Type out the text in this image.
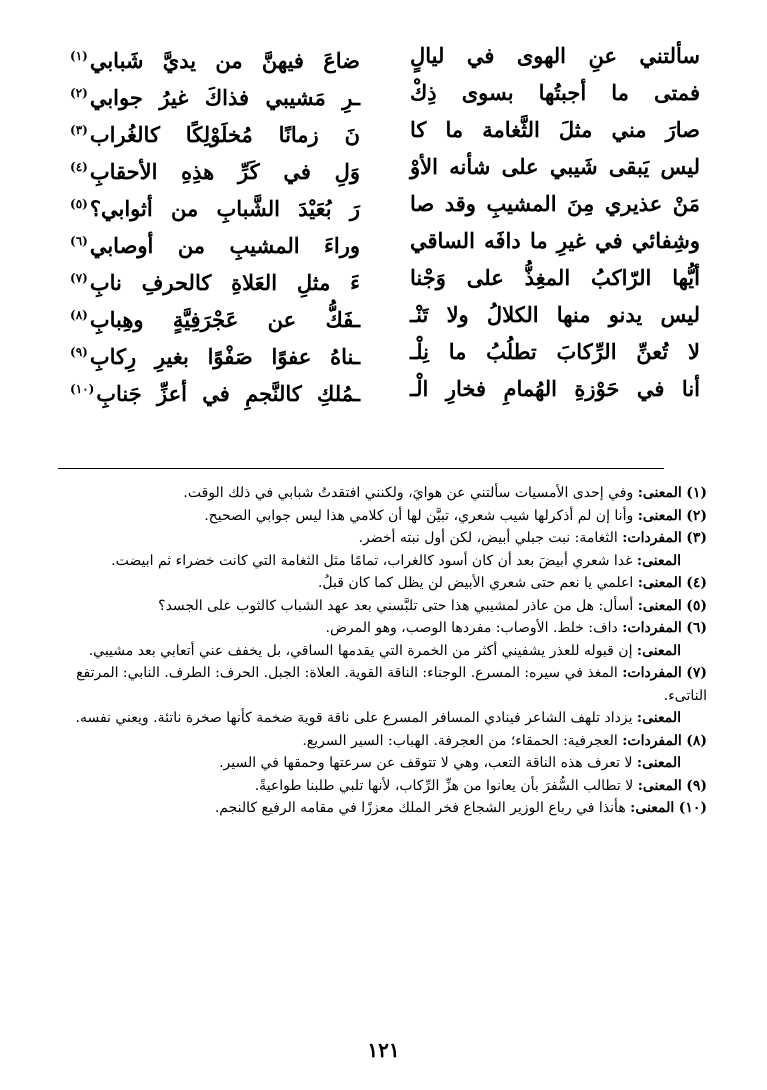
سألتني عنِ الهوى في ليالٍ
ضاعَ فيهنَّ من يديَّ شَبابي$^{(١)}$
فمتى ما أجبتُها بسوى ذِكْ
ـرِ مَشيبي فذاكَ غيرُ جوابي$^{(٢)}$
صارَ مني مثلَ الثَّغامة ما كا
نَ زمانًا مُخلَوْلِكًا كالغُراب$^{(٣)}$
ليس يَبقى شَيبي على شأنه الأوْ
وَلِ في كَرِّ هذِهِ الأحقابِ$^{(٤)}$
مَنْ عذيري مِنَ المشيبِ وقد صا
رَ بُعَيْدَ الشَّبابِ من أثوابي؟$^{(٥)}$
وشِفائي في غيرِ ما دافَه الساقي
وراءَ المشيبِ من أوصابي$^{(٦)}$
أيُّها الرّاكبُ المغِذُّ على وَجْنا
ءَ مثلِ العَلاةِ كالحرفِ نابِ$^{(٧)}$
ليس يدنو منها الكلالُ ولا تَنْـ
ـفَكُّ عن عَجْرَفِيَّةٍ وهِبابِ$^{(٨)}$
لا تُعنِّ الرِّكابَ تطلُبُ ما نِلْـ
ـناهُ عفوًا صَفْوًا بغيرِ رِكابِ$^{(٩)}$
أنا في حَوْزةِ الهُمامِ فخارِ الْـ
ـمُلكِ كالنَّجمِ في أعزِّ جَنابِ$^{(١٠)}$
(١) المعنى: وفي إحدى الأمسيات سألتني عن هوايَ، ولكنني افتقدتُ شبابي في ذلك الوقت.
(٢) المعنى: وأنا إن لم أذكرلها شيب شعري، تبيَّن لها أن كلامي هذا ليس جوابي الصحيح.
(٣) المفردات: الثغامة: نبت جبلي أبيض، لكن أول نبته أخضر.
المعنى: غدا شعري أبيضَ بعد أن كان أسود كالغراب، تمامًا مثل الثغامة التي كانت خضراء ثم ابيضت.
(٤) المعنى: اعلمي يا نعم حتى شعري الأبيض لن يظل كما كان قبلُ.
(٥) المعنى: أسأل: هل من عاذر لمشيبي هذا حتى تلبَّسني بعد عهد الشباب كالثوب على الجسد؟
(٦) المفردات: داف: خلط. الأوصاب: مفردها الوصب، وهو المرض.
المعنى: إن قبوله للعذر يشفيني أكثر من الخمرة التي يقدمها الساقي، بل يخفف عني أتعابي بعد مشيبي.
(٧) المفردات: المغذ في سيره: المسرع. الوجناء: الناقة القوية. العلاة: الجبل. الحرف: الطرف. النابي: المرتفع الناتىء.
المعنى: يزداد تلهف الشاعر فينادي المسافر المسرع على ناقة قوية ضخمة كأنها صخرة ناتئة. ويعني نفسه.
(٨) المفردات: العجرفية: الحمقاء؛ من العجرفة. الهباب: السير السريع.
المعنى: لا تعرف هذه الناقة التعب، وهي لا تتوقف عن سرعتها وحمقها في السير.
(٩) المعنى: لا تطالب السُّفرَ بأن يعانوا من هزِّ الرِّكاب، لأنها تلبي طلبنا طواعيةً.
(١٠) المعنى: هأنذا في رباع الوزير الشجاع فخر الملك معززًا في مقامه الرفيع كالنجم.
١٢١
